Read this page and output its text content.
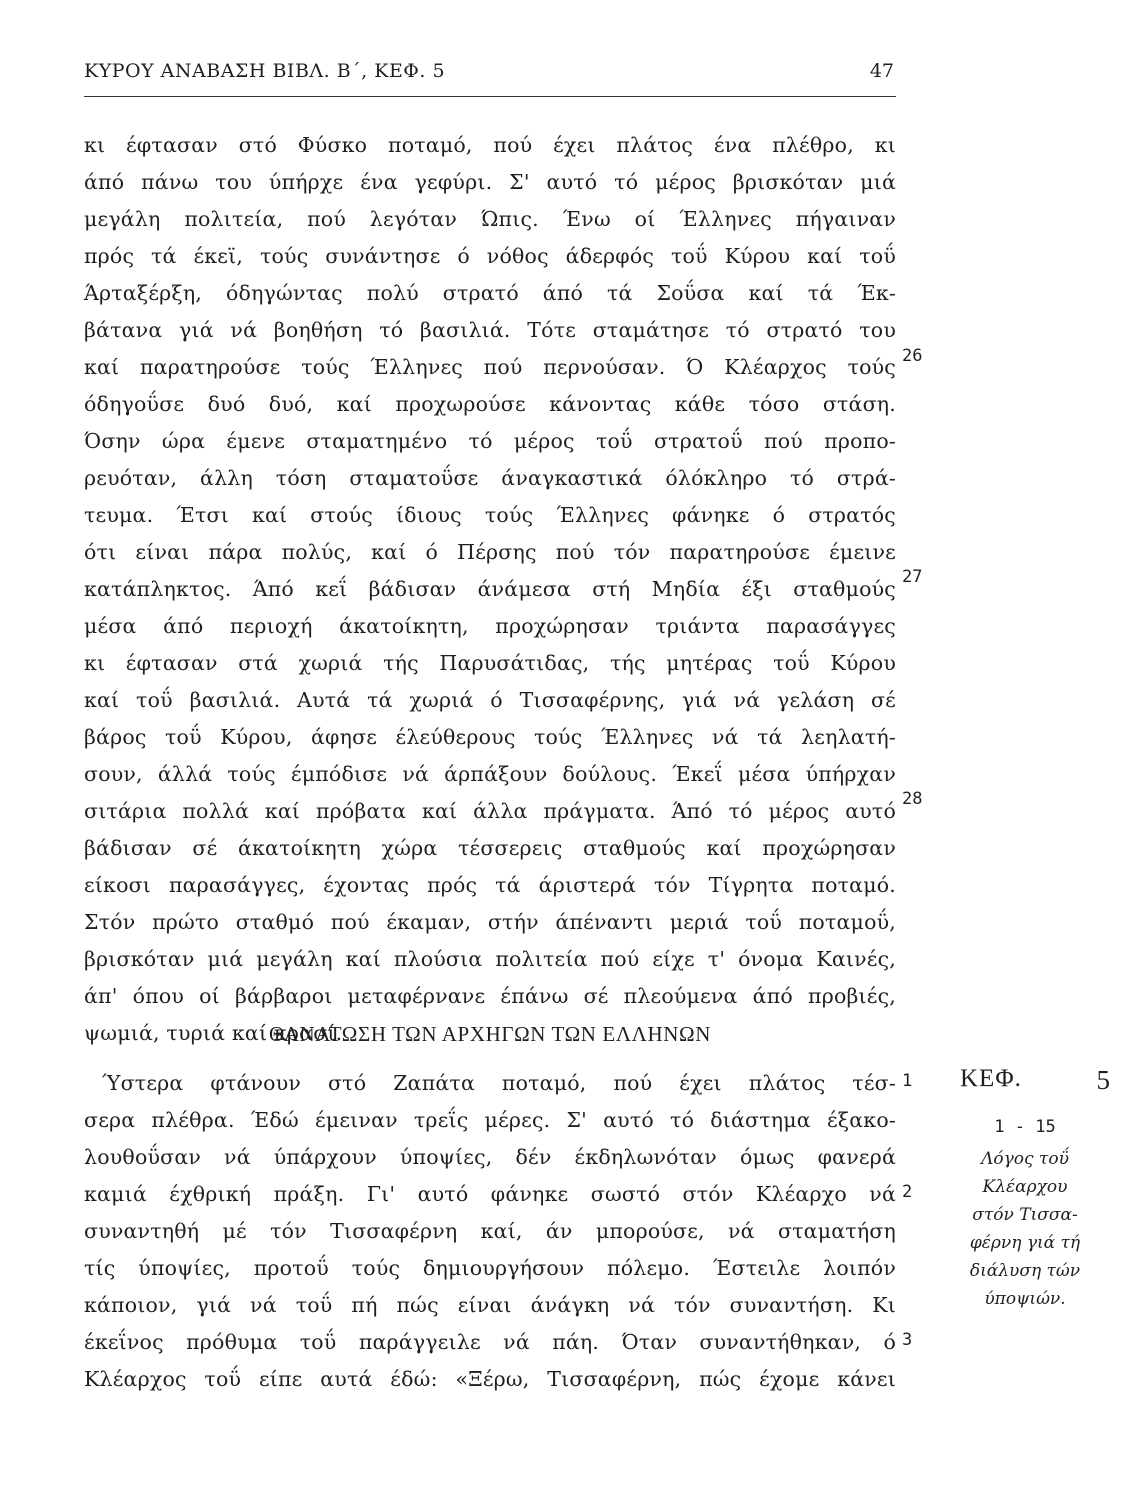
ΚΥΡΟΥ ΑΝΑΒΑΣΗ ΒΙΒΛ. Β΄, ΚΕΦ. 5	47
κι έφτασαν στό Φύσκο ποταμό, πού έχει πλάτος ένα πλέθρο, κι
άπό πάνω του ύπήρχε ένα γεφύρι. Σ' αυτό τό μέρος βρισκόταν μιά
μεγάλη πολιτεία, πού λεγόταν Ώπις. Ένω οί Έλληνες πήγαιναν
πρός τά έκεϊ, τούς συνάντησε ό νόθος άδερφός τοΰ Κύρου καί τοΰ
Άρταξέρξη, όδηγώντας πολύ στρατό άπό τά Σοΰσα καί τά Έκ-
βάτανα γιά νά βοηθήση τό βασιλιά. Τότε σταμάτησε τό στρατό του
καί παρατηρούσε τούς Έλληνες πού περνούσαν. Ό Κλέαρχος τούς
όδηγοΰσε δυό δυό, καί προχωρούσε κάνοντας κάθε τόσο στάση.
Όσην ώρα έμενε σταματημένο τό μέρος τοΰ στρατοΰ πού προπο-
ρευόταν, άλλη τόση σταματοΰσε άναγκαστικά όλόκληρο τό στρά-
τευμα. Έτσι καί στούς ίδιους τούς Έλληνες φάνηκε ό στρατός
ότι είναι πάρα πολύς, καί ό Πέρσης πού τόν παρατηρούσε έμεινε
κατάπληκτος. Άπό κεΐ βάδισαν άνάμεσα στή Μηδία έξι σταθμούς
μέσα άπό περιοχή άκατοίκητη, προχώρησαν τριάντα παρασάγγες
κι έφτασαν στά χωριά τής Παρυσάτιδας, τής μητέρας τοΰ Κύρου
καί τοΰ βασιλιά. Αυτά τά χωριά ό Τισσαφέρνης, γιά νά γελάση σέ
βάρος τοΰ Κύρου, άφησε έλεύθερους τούς Έλληνες νά τά λεηλατή-
σουν, άλλά τούς έμπόδισε νά άρπάξουν δούλους. Έκεΐ μέσα ύπήρχαν
σιτάρια πολλά καί πρόβατα καί άλλα πράγματα. Άπό τό μέρος αυτό
βάδισαν σέ άκατοίκητη χώρα τέσσερεις σταθμούς καί προχώρησαν
είκοσι παρασάγγες, έχοντας πρός τά άριστερά τόν Τίγρητα ποταμό.
Στόν πρώτο σταθμό πού έκαμαν, στήν άπέναντι μεριά τοΰ ποταμοΰ,
βρισκόταν μιά μεγάλη καί πλούσια πολιτεία πού είχε τ' όνομα Καινές,
άπ' όπου οί βάρβαροι μεταφέρνανε έπάνω σέ πλεούμενα άπό προβιές,
ψωμιά, τυριά καί κρασί.
26
27
28
ΘΑΝΑΤΩΣΗ ΤΩΝ ΑΡΧΗΓΩΝ ΤΩΝ ΕΛΛΗΝΩΝ
Ύστερα φτάνουν στό Ζαπάτα ποταμό, πού έχει πλάτος τέσ-
σερα πλέθρα. Έδώ έμειναν τρεΐς μέρες. Σ' αυτό τό διάστημα έξακο-
λουθοΰσαν νά ύπάρχουν ύποψίες, δέν έκδηλωνόταν όμως φανερά
καμιά έχθρική πράξη. Γι' αυτό φάνηκε σωστό στόν Κλέαρχο νά
συναντηθή μέ τόν Τισσαφέρνη καί, άν μπορούσε, νά σταματήση
τίς ύποψίες, προτοΰ τούς δημιουργήσουν πόλεμο. Έστειλε λοιπόν
κάποιον, γιά νά τοΰ πή πώς είναι άνάγκη νά τόν συναντήση. Κι
έκεΐνος πρόθυμα τοΰ παράγγειλε νά πάη. Όταν συναντήθηκαν, ό
Κλέαρχος τοΰ είπε αυτά έδώ: «Ξέρω, Τισσαφέρνη, πώς έχομε κάνει
1
2
3
ΚΕΦ.	5
1 - 15
Λόγος τοΰ
Κλέαρχου
στόν Τισσα-
φέρνη γιά τή
διάλυση τών
ύποψιών.
